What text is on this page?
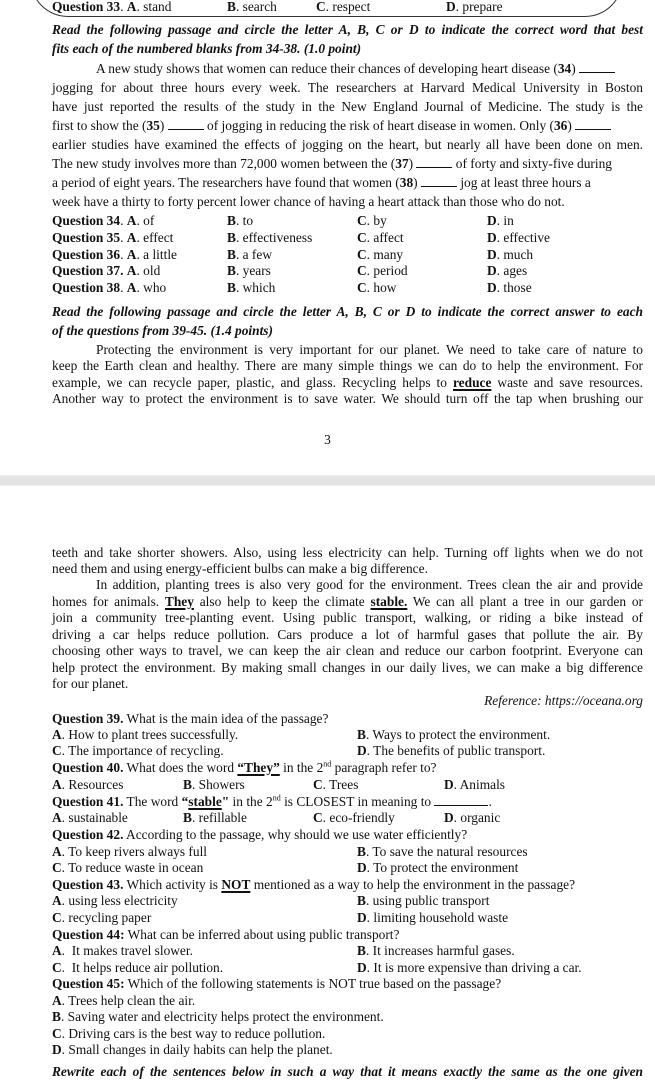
Question 33. A. stand	B. search	C. respect	D. prepare
Read the following passage and circle the letter A, B, C or D to indicate the correct word that best
fits each of the numbered blanks from 34-38. (1.0 point)
A new study shows that women can reduce their chances of developing heart disease (34)
jogging for about three hours every week. The researchers at Harvard Medical University in Boston
have just reported the results of the study in the New England Journal of Medicine. The study is the
first to show the (35)	of jogging in reducing the risk of heart disease in women. Only (36)
earlier studies have examined the effects of jogging on the heart, but nearly all have been done on men.
The new study involves more than 72,000 women between the (37)	of forty and sixty-five during
a period of eight years. The researchers have found that women (38)	jog at least three hours a
week have a thirty to forty percent lower chance of having a heart attack than those who do not.
Question 34. A. of	B. to	C. by	D. in
Question 35. A. effect	B. effectiveness	C. affect	D. effective
Question 36. A. a little	B. a few	C. many	D. much
Question 37. A. old	B. years	C. period	D. ages
Question 38. A. who	B. which	C. how	D. those
Read the following passage and circle the letter A, B, C or D to indicate the correct answer to each
of the questions from 39-45. (1.4 points)
Protecting the environment is very important for our planet. We need to take care of nature to
keep the Earth clean and healthy. There are many simple things we can do to help the environment. For
example, we can recycle paper, plastic, and glass. Recycling helps to reduce waste and save resources.
Another way to protect the environment is to save water. We should turn off the tap when brushing our
3
teeth and take shorter showers. Also, using less electricity can help. Turning off lights when we do not
need them and using energy-efficient bulbs can make a big difference.
In addition, planting trees is also very good for the environment. Trees clean the air and provide
homes for animals. They also help to keep the climate stable. We can all plant a tree in our garden or
join a community tree-planting event. Using public transport, walking, or riding a bike instead of
driving a car helps reduce pollution. Cars produce a lot of harmful gases that pollute the air. By
choosing other ways to travel, we can keep the air clean and reduce our carbon footprint. Everyone can
help protect the environment. By making small changes in our daily lives, we can make a big difference
for our planet.
Reference: https://oceana.org
Question 39. What is the main idea of the passage?
A. How to plant trees successfully.	B. Ways to protect the environment.
C. The importance of recycling.	D. The benefits of public transport.
Question 40. What does the word “They” in the 2nd paragraph refer to?
A. Resources	B. Showers	C. Trees	D. Animals
Question 41. The word “stable" in the 2nd is CLOSEST in meaning to	.
A. sustainable	B. refillable	C. eco-friendly	D. organic
Question 42. According to the passage, why should we use water efficiently?
A. To keep rivers always full	B. To save the natural resources
C. To reduce waste in ocean	D. To protect the environment
Question 43. Which activity is NOT mentioned as a way to help the environment in the passage?
A. using less electricity	B. using public transport
C. recycling paper	D. limiting household waste
Question 44: What can be inferred about using public transport?
A.  It makes travel slower.	B. It increases harmful gases.
C.  It helps reduce air pollution.	D. It is more expensive than driving a car.
Question 45: Which of the following statements is NOT true based on the passage?
A. Trees help clean the air.
B. Saving water and electricity helps protect the environment.
C. Driving cars is the best way to reduce pollution.
D. Small changes in daily habits can help the planet.
Rewrite each of the sentences below in such a way that it means exactly the same as the one given
